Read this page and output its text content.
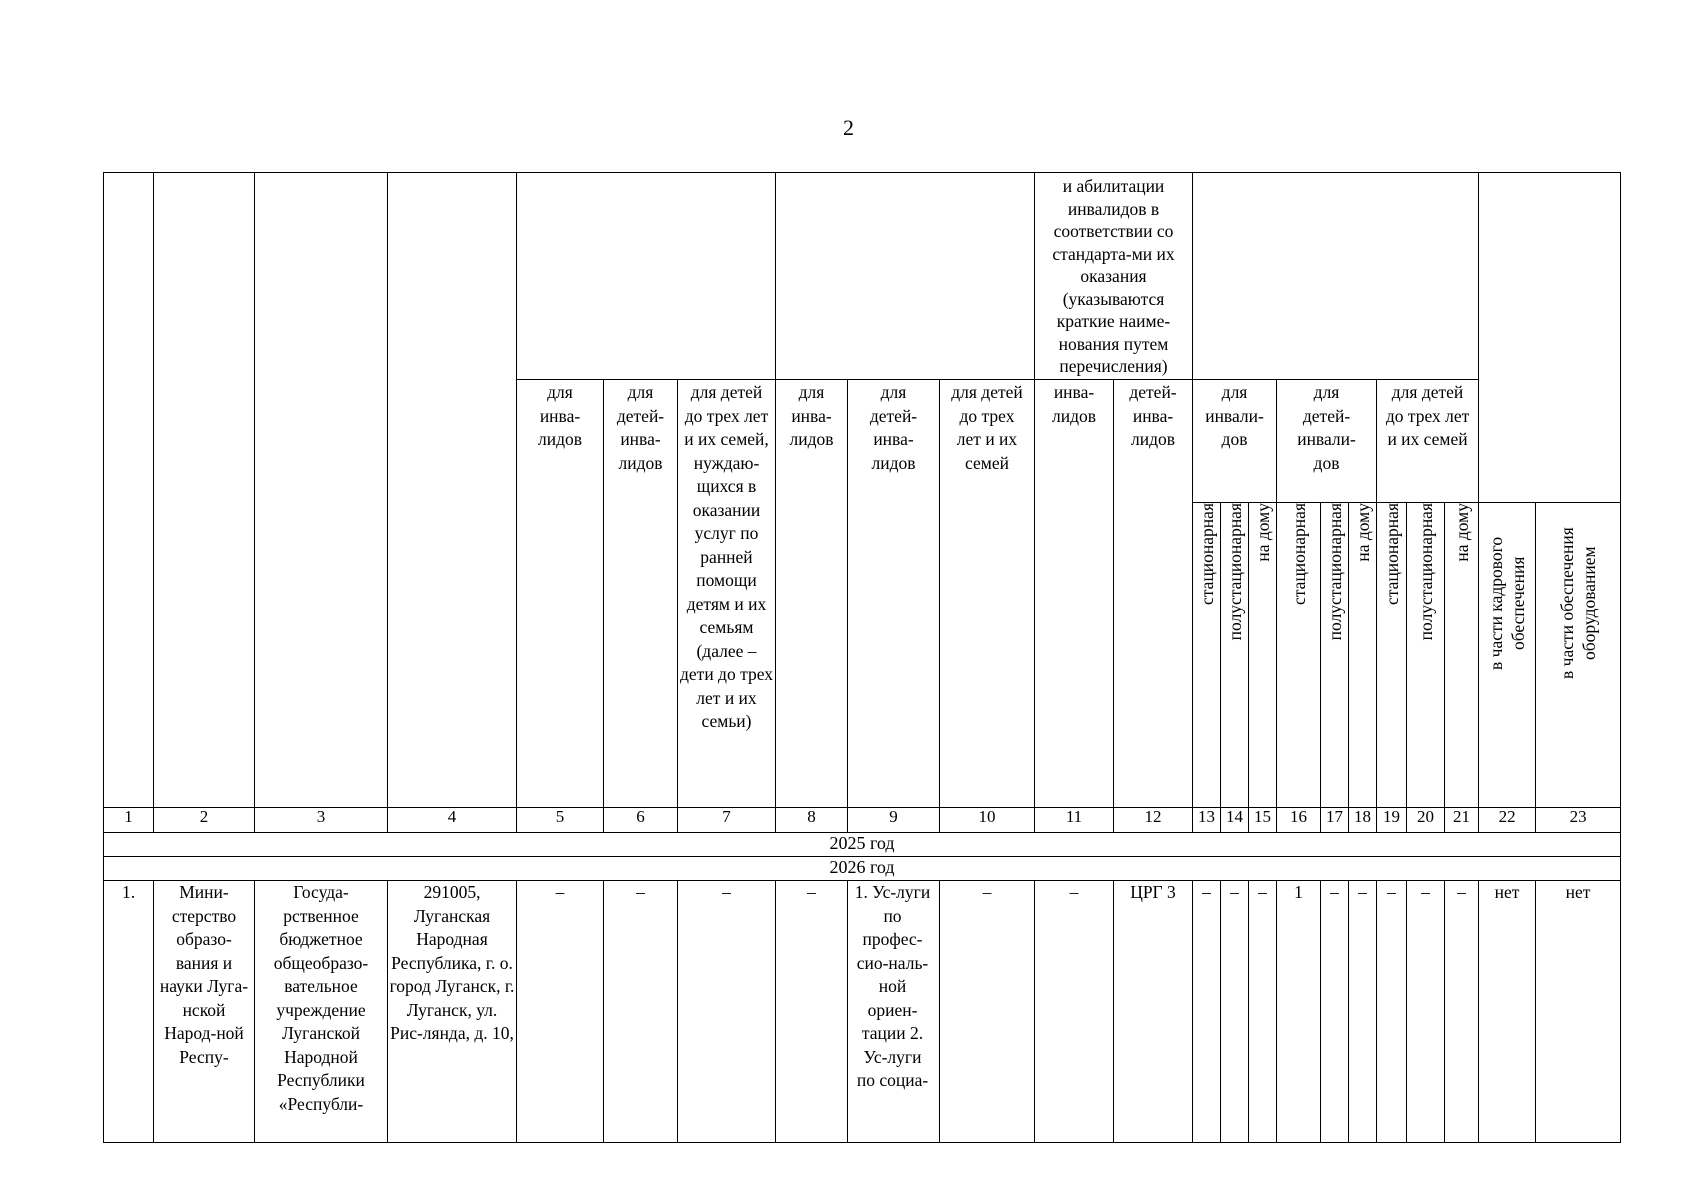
2
										и абилитации инвалидов в соответствии со стандарта-ми их оказания (указываются краткие наиме-нования путем перечисления)												
				для инва-лидов	для детей-инва-лидов	для детей до трех лет и их семей, нуждаю-щихся в оказании услуг по ранней помощи детям и их семьям (далее – дети до трех лет и их семьи)	для инва-лидов	для детей-инва-лидов	для детей до трех лет и их семей	инва-лидов	детей-инва-лидов	для инвали-дов			для детей-инвали-дов			для детей до трех лет и их семей				
												стационарная	полустационарная	на дому	стационарная	полустационарная	на дому	стационарная	полустационарная	на дому	в части кадрового обеспечения	в части обеспечения оборудованием
1	2	3	4	5	6	7	8	9	10	11	12	13	14	15	16	17	18	19	20	21	22	23
2025 год																						
2026 год																						
1.	Мини-стерство образо-вания и науки Луга-нской Народ-ной Респу-	Госуда-рственное бюджетное общеобразо-вательное учреждение Луганской Народной Республики «Республи-	291005, Луганская Народная Республика, г. о. город Луганск, г. Луганск, ул. Рис-лянда, д. 10,	–	–	–	–	1. Ус-луги по профес-сио-наль-ной ориен-тации 2. Ус-луги по социа-	–	–	ЦРГ 3	–	–	–	1	–	–	–	–	–	нет	нет
